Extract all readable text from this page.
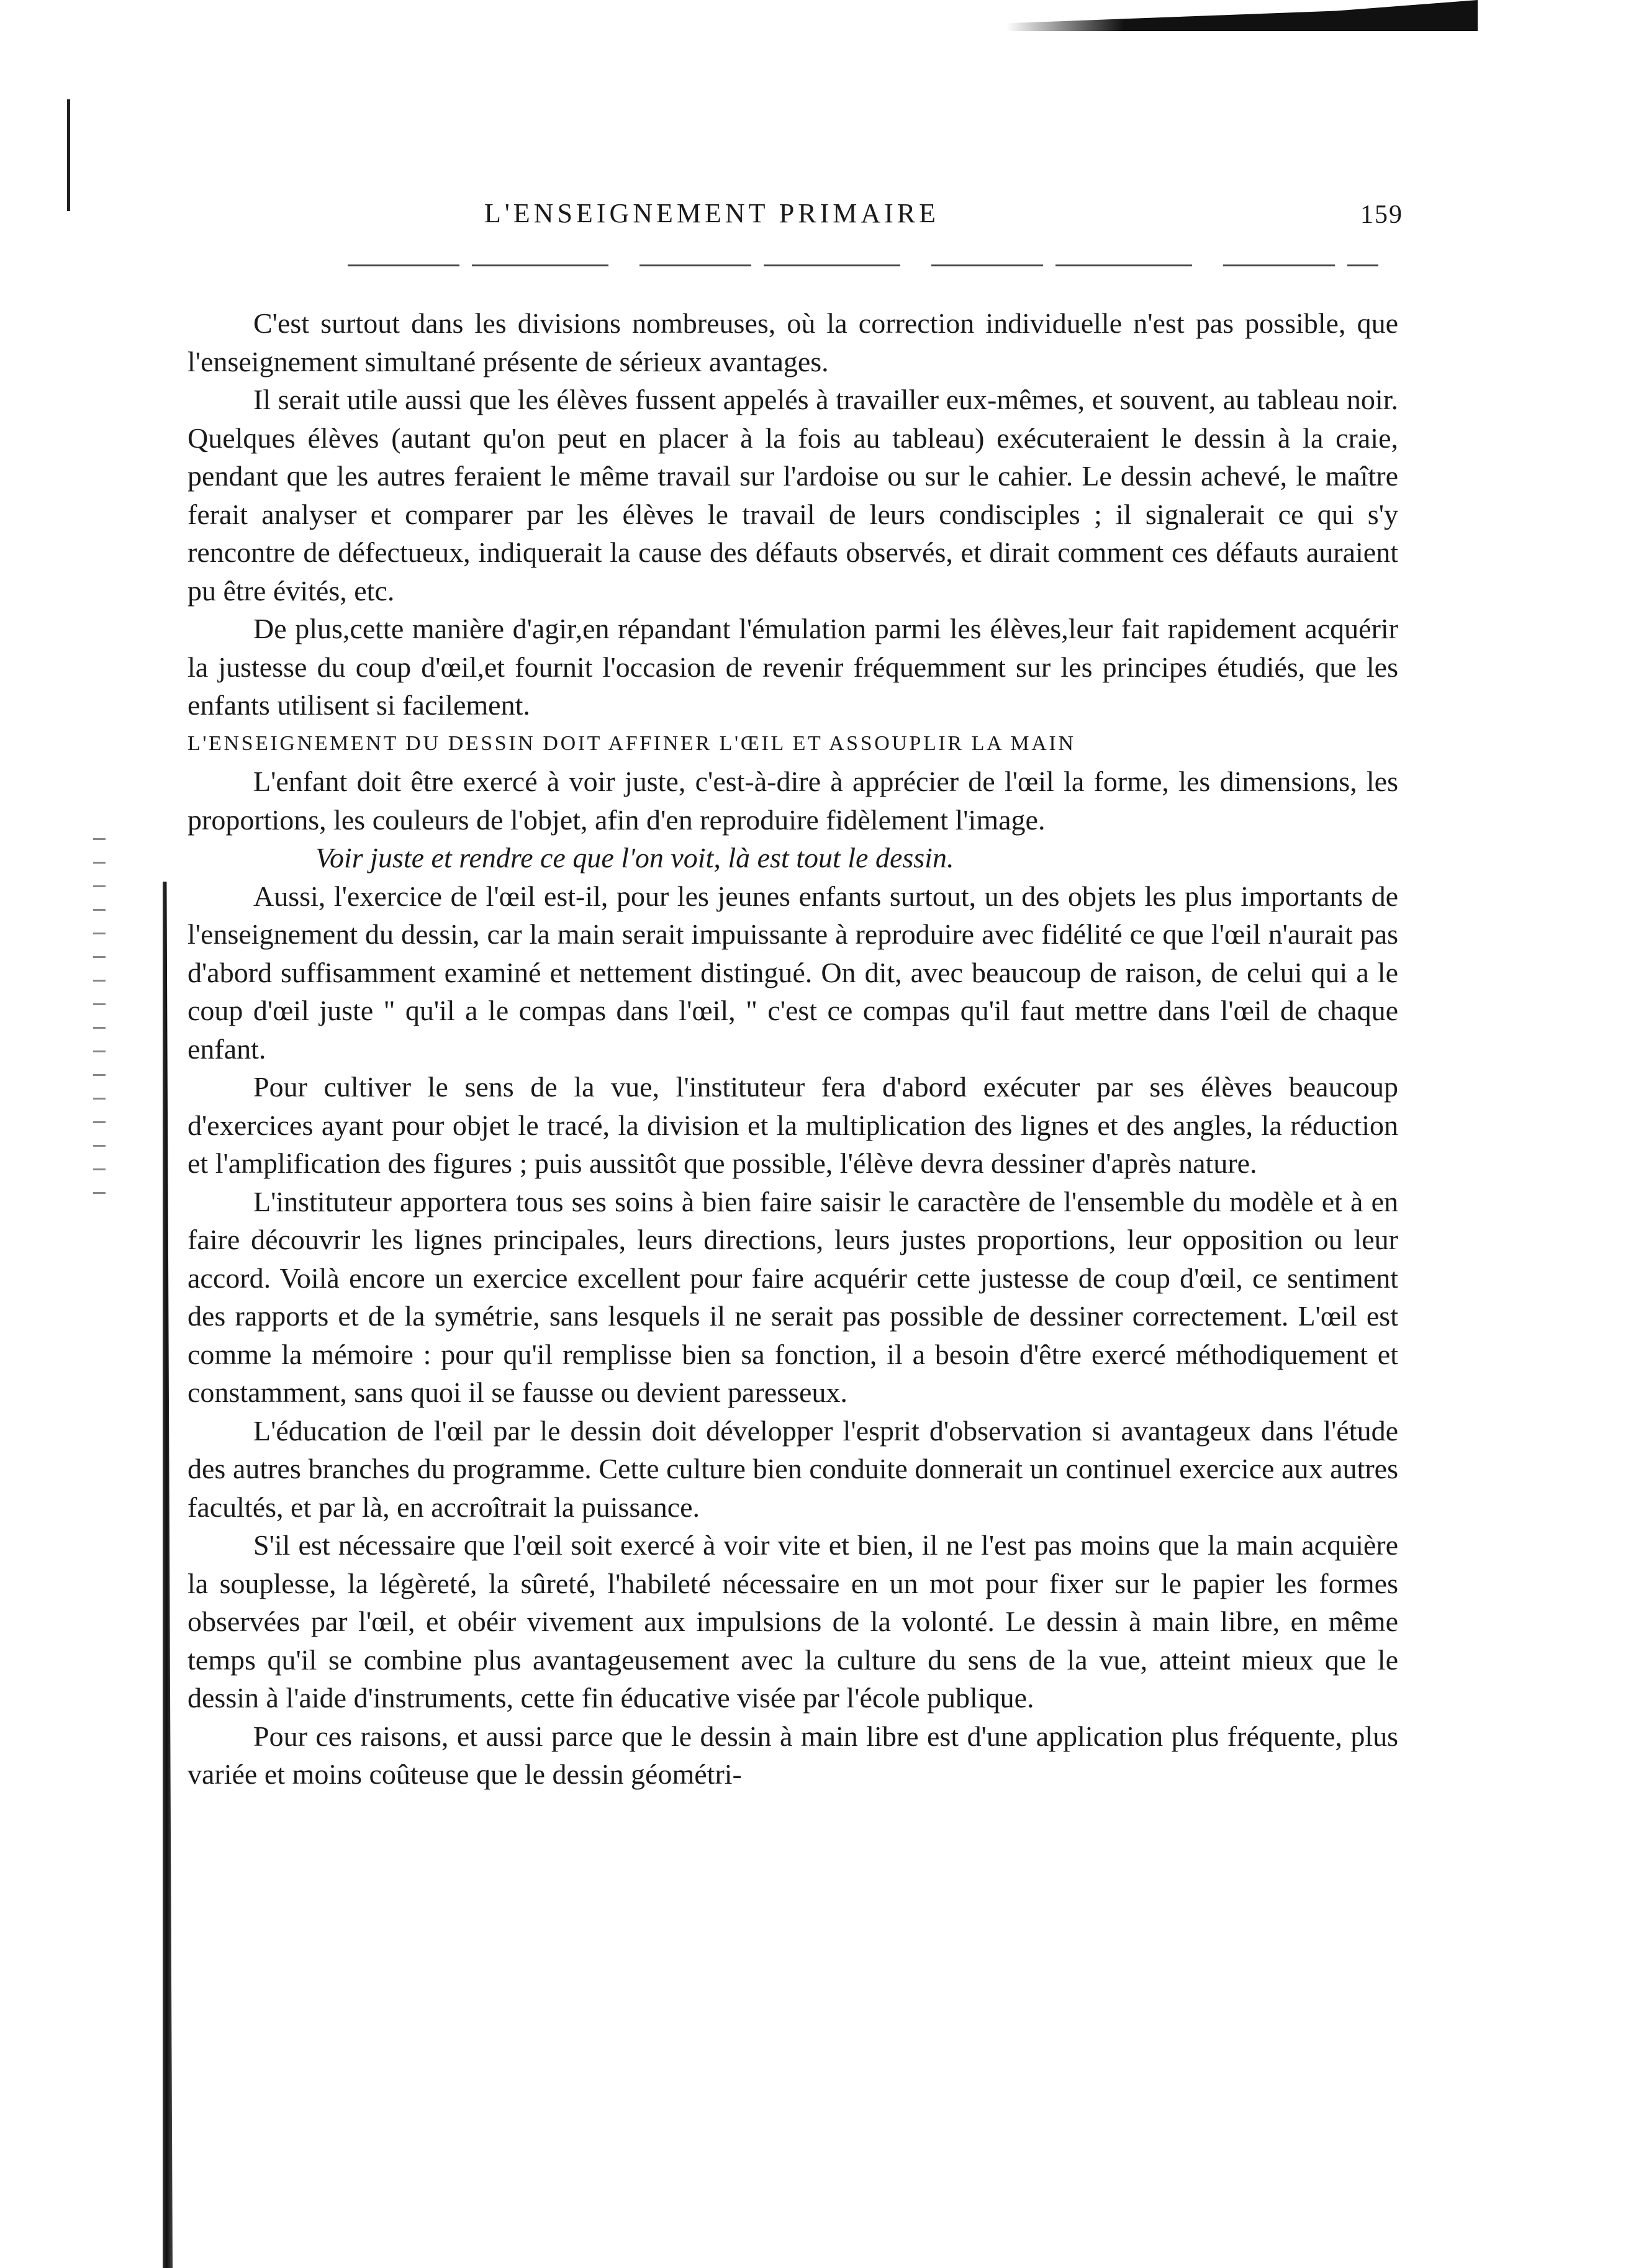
L'ENSEIGNEMENT PRIMAIRE	159

C'est surtout dans les divisions nombreuses, où la correction individuelle n'est pas possible, que l'enseignement simultané présente de sérieux avantages.

Il serait utile aussi que les élèves fussent appelés à travailler eux-mêmes, et souvent, au tableau noir. Quelques élèves (autant qu'on peut en placer à la fois au tableau) exécuteraient le dessin à la craie, pendant que les autres feraient le même travail sur l'ardoise ou sur le cahier. Le dessin achevé, le maître ferait analyser et comparer par les élèves le travail de leurs condisciples ; il signalerait ce qui s'y rencontre de défectueux, indiquerait la cause des défauts observés, et dirait comment ces défauts auraient pu être évités, etc.

De plus,cette manière d'agir,en répandant l'émulation parmi les élèves,leur fait rapidement acquérir la justesse du coup d'œil,et fournit l'occasion de revenir fréquemment sur les principes étudiés, que les enfants utilisent si facilement.

L'ENSEIGNEMENT DU DESSIN DOIT AFFINER L'ŒIL ET ASSOUPLIR LA MAIN

L'enfant doit être exercé à voir juste, c'est-à-dire à apprécier de l'œil la forme, les dimensions, les proportions, les couleurs de l'objet, afin d'en reproduire fidèlement l'image.

Voir juste et rendre ce que l'on voit, là est tout le dessin.

Aussi, l'exercice de l'œil est-il, pour les jeunes enfants surtout, un des objets les plus importants de l'enseignement du dessin, car la main serait impuissante à reproduire avec fidélité ce que l'œil n'aurait pas d'abord suffisamment examiné et nettement distingué. On dit, avec beaucoup de raison, de celui qui a le coup d'œil juste " qu'il a le compas dans l'œil, " c'est ce compas qu'il faut mettre dans l'œil de chaque enfant.

Pour cultiver le sens de la vue, l'instituteur fera d'abord exécuter par ses élèves beaucoup d'exercices ayant pour objet le tracé, la division et la multiplication des lignes et des angles, la réduction et l'amplification des figures ; puis aussitôt que possible, l'élève devra dessiner d'après nature.

L'instituteur apportera tous ses soins à bien faire saisir le caractère de l'ensemble du modèle et à en faire découvrir les lignes principales, leurs directions, leurs justes proportions, leur opposition ou leur accord. Voilà encore un exercice excellent pour faire acquérir cette justesse de coup d'œil, ce sentiment des rapports et de la symétrie, sans lesquels il ne serait pas possible de dessiner correctement. L'œil est comme la mémoire : pour qu'il remplisse bien sa fonction, il a besoin d'être exercé méthodiquement et constamment, sans quoi il se fausse ou devient paresseux.

L'éducation de l'œil par le dessin doit développer l'esprit d'observation si avantageux dans l'étude des autres branches du programme. Cette culture bien conduite donnerait un continuel exercice aux autres facultés, et par là, en accroîtrait la puissance.

S'il est nécessaire que l'œil soit exercé à voir vite et bien, il ne l'est pas moins que la main acquière la souplesse, la légèreté, la sûreté, l'habileté nécessaire en un mot pour fixer sur le papier les formes observées par l'œil, et obéir vivement aux impulsions de la volonté. Le dessin à main libre, en même temps qu'il se combine plus avantageusement avec la culture du sens de la vue, atteint mieux que le dessin à l'aide d'instruments, cette fin éducative visée par l'école publique.

Pour ces raisons, et aussi parce que le dessin à main libre est d'une application plus fréquente, plus variée et moins coûteuse que le dessin géométri-
